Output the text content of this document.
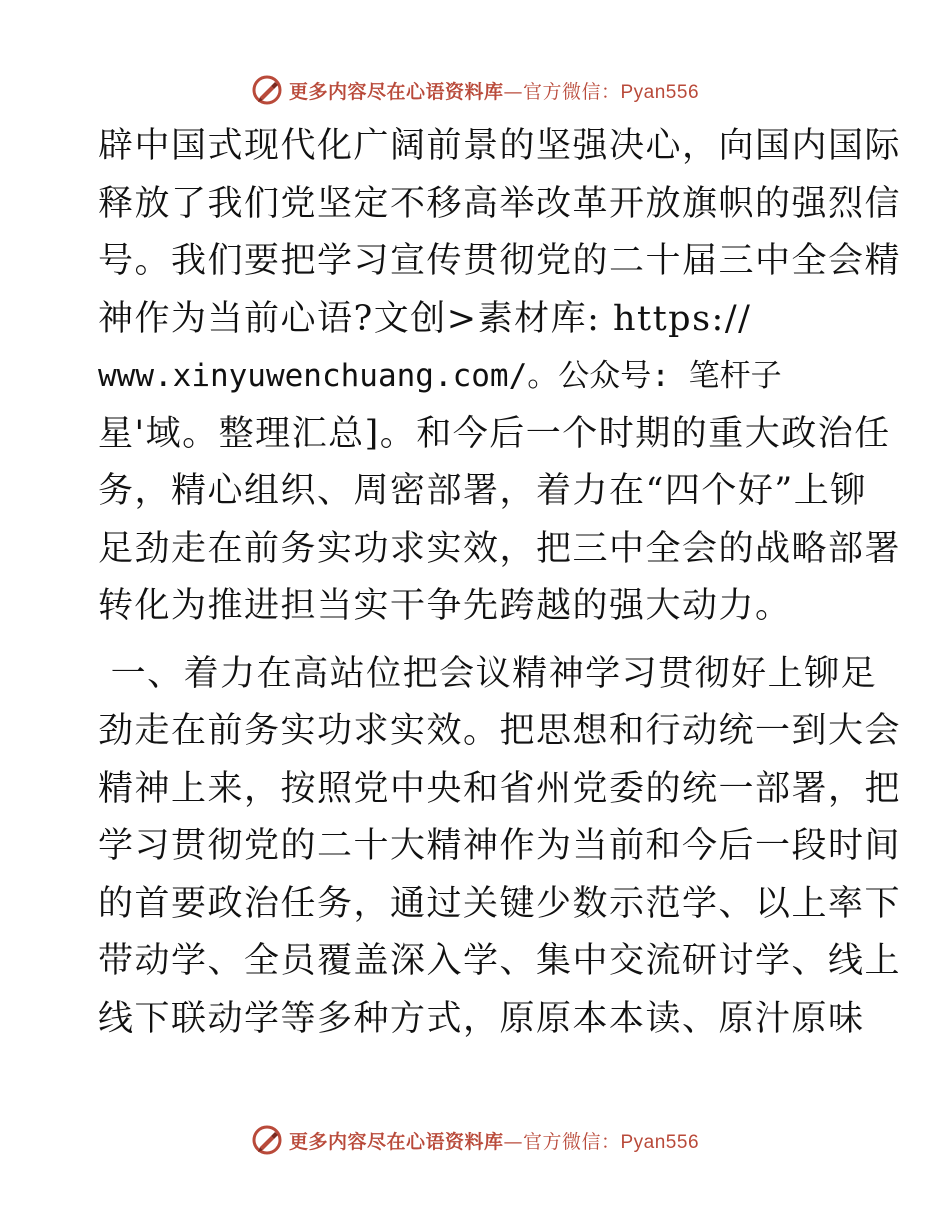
更多内容尽在心语资料库—官方微信：Pyan556
辟中国式现代化广阔前景的坚强决心，向国内国际
释放了我们党坚定不移高举改革开放旗帜的强烈信
号。我们要把学习宣传贯彻党的二十届三中全会精
神作为当前心语?文创>素材库: https://
www.xinyuwenchuang.com/。公众号: 笔杆子
星'域。整理汇总]。和今后一个时期的重大政治任
务，精心组织、周密部署，着力在“四个好”上铆
足劲走在前务实功求实效，把三中全会的战略部署
转化为推进担当实干争先跨越的强大动力。
一、着力在高站位把会议精神学习贯彻好上铆足
劲走在前务实功求实效。把思想和行动统一到大会
精神上来，按照党中央和省州党委的统一部署，把
学习贯彻党的二十大精神作为当前和今后一段时间
的首要政治任务，通过关键少数示范学、以上率下
带动学、全员覆盖深入学、集中交流研讨学、线上
线下联动学等多种方式，原原本本读、原汁原味
更多内容尽在心语资料库—官方微信：Pyan556
